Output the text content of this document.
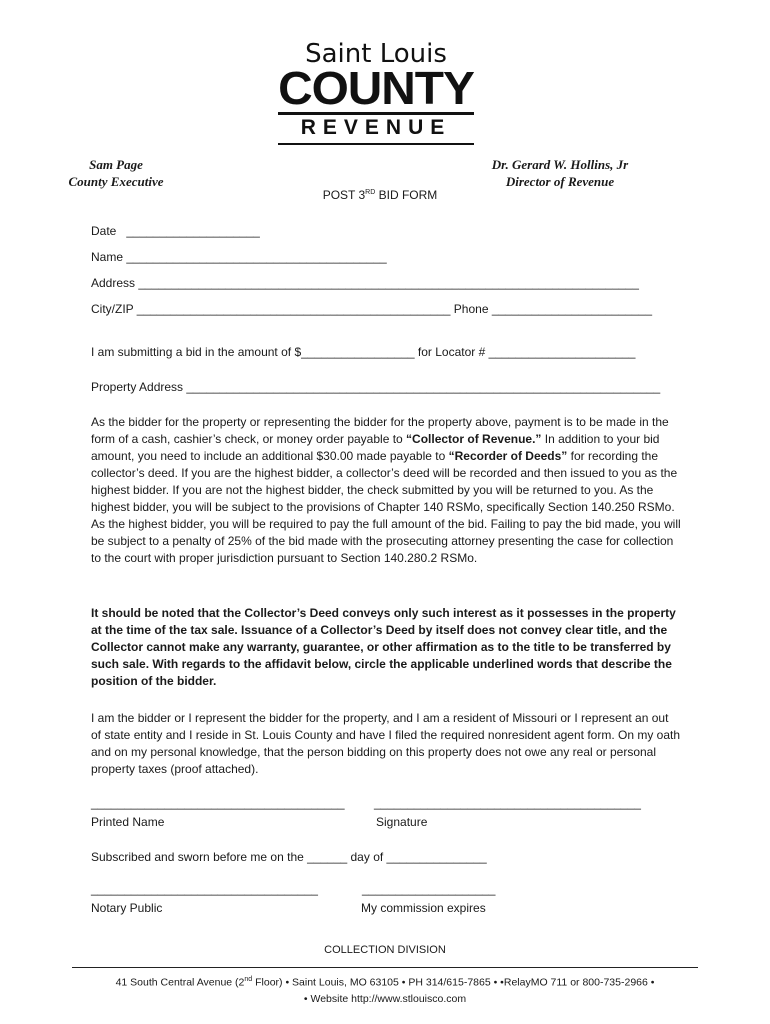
Saint Louis
COUNTY
REVENUE
Sam Page
County Executive
Dr. Gerard W. Hollins, Jr
Director of Revenue
POST 3RD BID FORM
Date   ____________________
Name _______________________________________
Address ___________________________________________________________________________
City/ZIP _______________________________________________ Phone ________________________
I am submitting a bid in the amount of $_________________ for Locator # ______________________
Property Address _______________________________________________________________________

As the bidder for the property or representing the bidder for the property above, payment is to be made in the form of a cash, cashier’s check, or money order payable to “Collector of Revenue.” In addition to your bid amount, you need to include an additional $30.00 made payable to “Recorder of Deeds” for recording the collector’s deed. If you are the highest bidder, a collector’s deed will be recorded and then issued to you as the highest bidder. If you are not the highest bidder, the check submitted by you will be returned to you. As the highest bidder, you will be subject to the provisions of Chapter 140 RSMo, specifically Section 140.250 RSMo.

As the highest bidder, you will be required to pay the full amount of the bid. Failing to pay the bid made, you will be subject to a penalty of 25% of the bid made with the prosecuting attorney presenting the case for collection to the court with proper jurisdiction pursuant to Section 140.280.2 RSMo.

It should be noted that the Collector’s Deed conveys only such interest as it possesses in the property at the time of the tax sale. Issuance of a Collector’s Deed by itself does not convey clear title, and the Collector cannot make any warranty, guarantee, or other affirmation as to the title to be transferred by such sale. With regards to the affidavit below, circle the applicable underlined words that describe the position of the bidder.
I am the bidder or I represent the bidder for the property, and I am a resident of Missouri or I represent an out of state entity and I reside in St. Louis County and have I filed the required nonresident agent form. On my oath and on my personal knowledge, that the person bidding on this property does not owe any real or personal property taxes (proof attached).
______________________________________ ________________________________________
Printed Name	Signature
Subscribed and sworn before me on the ______ day of _______________
__________________________________	____________________
Notary Public	My commission expires
COLLECTION DIVISION
41 South Central Avenue (2nd Floor) • Saint Louis, MO 63105 • PH 314/615-7865 • •RelayMO 711 or 800-735-2966 •
• Website http://www.stlouisco.com
